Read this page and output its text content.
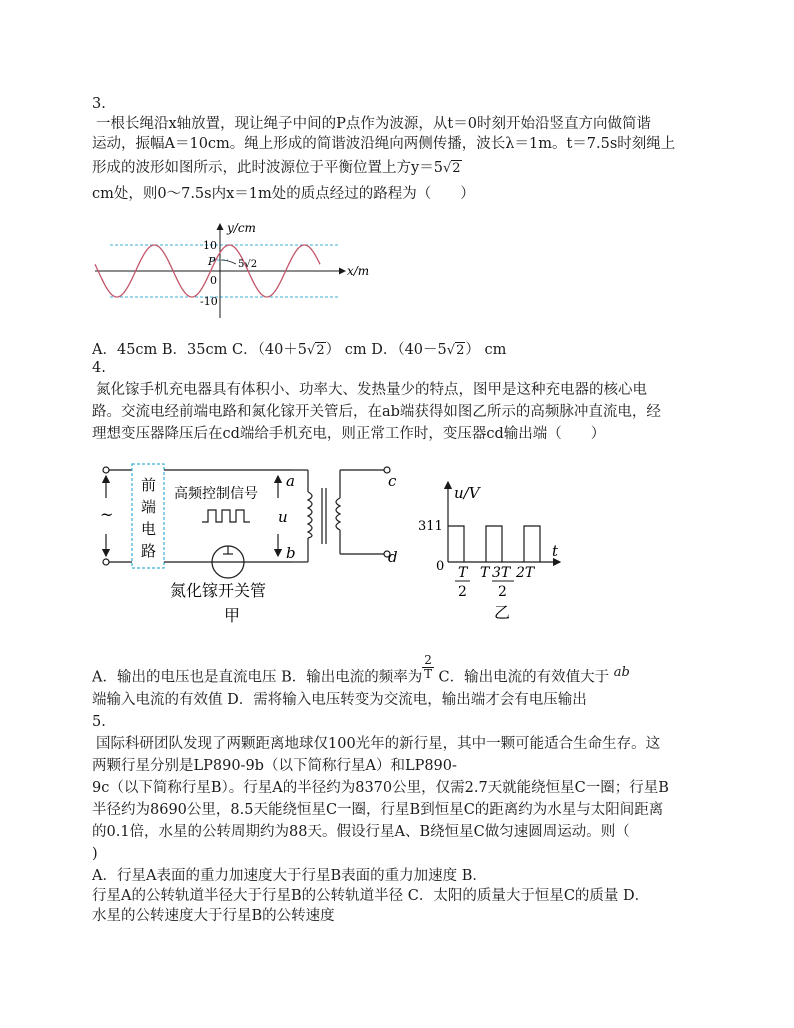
3.
一根长绳沿x轴放置，现让绳子中间的P点作为波源，从t＝0时刻开始沿竖直方向做简谐
运动，振幅A＝10cm。绳上形成的简谐波沿绳向两侧传播，波长λ＝1m。t＝7.5s时刻绳上
形成的波形如图所示，此时波源位于平衡位置上方y＝5√2
cm处，则0～7.5s内x＝1m处的质点经过的路程为（　　）
y/cm
x/m
10
-10
0
P 5√2
A．45cm B．35cm C．（40＋5√2） cm D．（40－5√2） cm
4.
氮化镓手机充电器具有体积小、功率大、发热量少的特点，图甲是这种充电器的核心电
路。交流电经前端电路和氮化镓开关管后，在ab端获得如图乙所示的高频脉冲直流电，经
理想变压器降压后在cd端给手机充电，则正常工作时，变压器cd输出端（　　）
~
前
端
电
路
高频控制信号
a
b
u
c
d
氮化镓开关管
甲
u/V
t
311
0 T
2
T 3T
2
2T
乙
A．输出的电压也是直流电压 B．输出电流的频率为 $\frac{2}{T}$ C．输出电流的有效值大于 ab
端输入电流的有效值 D．需将输入电压转变为交流电，输出端才会有电压输出
5.
国际科研团队发现了两颗距离地球仅100光年的新行星，其中一颗可能适合生命生存。这
两颗行星分别是LP890-9b（以下简称行星A）和LP890-
9c（以下简称行星B）。行星A的半径约为8370公里，仅需2.7天就能绕恒星C一圈；行星B
半径约为8690公里，8.5天能绕恒星C一圈，行星B到恒星C的距离约为水星与太阳间距离
的0.1倍，水星的公转周期约为88天。假设行星A、B绕恒星C做匀速圆周运动。则（
)
A．行星A表面的重力加速度大于行星B表面的重力加速度 B．
行星A的公转轨道半径大于行星B的公转轨道半径 C．太阳的质量大于恒星C的质量 D．
水星的公转速度大于行星B的公转速度
